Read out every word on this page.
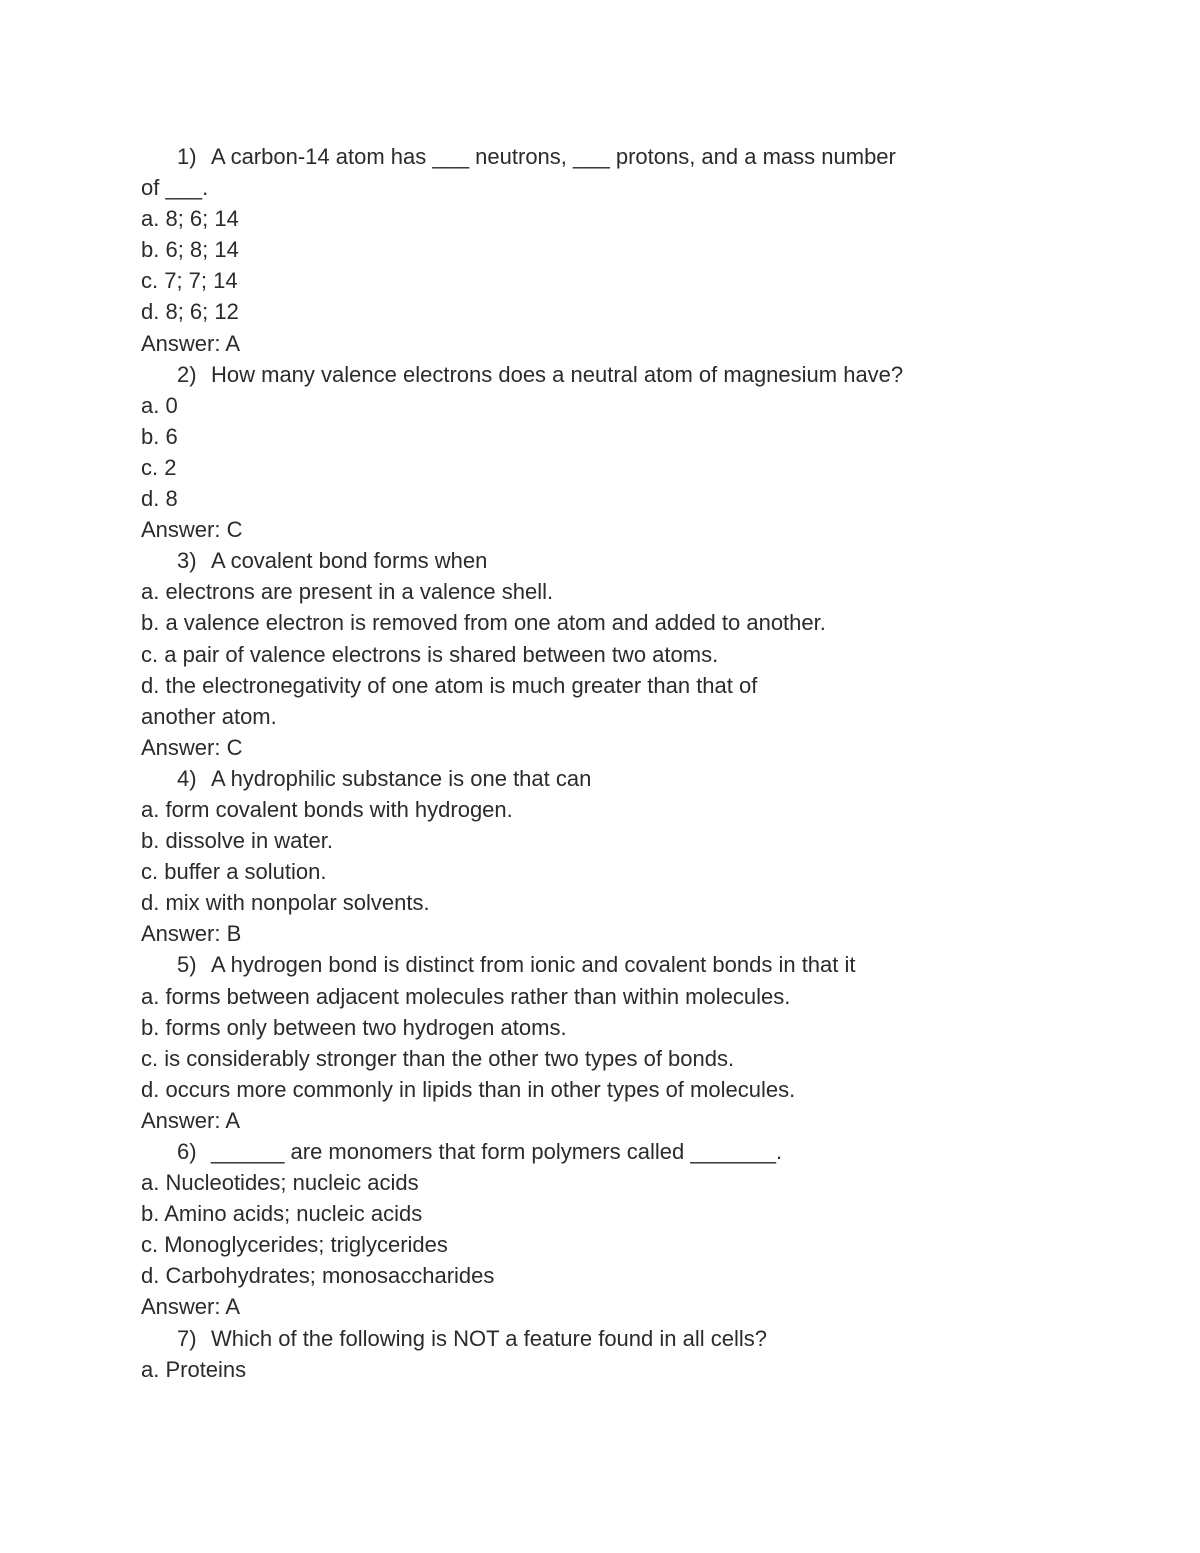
1) A carbon-14 atom has ___ neutrons, ___ protons, and a mass number
of ___.
a. 8; 6; 14
b. 6; 8; 14
c. 7; 7; 14
d. 8; 6; 12
Answer: A
2) How many valence electrons does a neutral atom of magnesium have?
a. 0
b. 6
c. 2
d. 8
Answer: C
3) A covalent bond forms when
a. electrons are present in a valence shell.
b. a valence electron is removed from one atom and added to another.
c. a pair of valence electrons is shared between two atoms.
d. the electronegativity of one atom is much greater than that of
another atom.
Answer: C
4) A hydrophilic substance is one that can
a. form covalent bonds with hydrogen.
b. dissolve in water.
c. buffer a solution.
d. mix with nonpolar solvents.
Answer: B
5) A hydrogen bond is distinct from ionic and covalent bonds in that it
a. forms between adjacent molecules rather than within molecules.
b. forms only between two hydrogen atoms.
c. is considerably stronger than the other two types of bonds.
d. occurs more commonly in lipids than in other types of molecules.
Answer: A
6) ______ are monomers that form polymers called _______.
a. Nucleotides; nucleic acids
b. Amino acids; nucleic acids
c. Monoglycerides; triglycerides
d. Carbohydrates; monosaccharides
Answer: A
7) Which of the following is NOT a feature found in all cells?
a. Proteins
